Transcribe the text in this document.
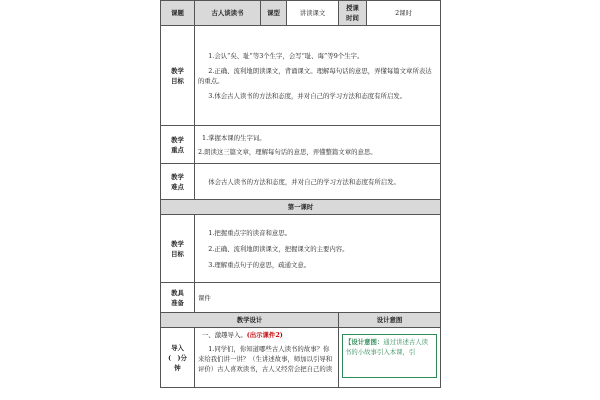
课题	古人谈读书	课型	讲读课文	授课
时间	2课时

教学
目标	1.会认“矣、耻”等3个生字，会写“耻、诲”等9个生字。
2.正确、流利地朗读课文，背诵课文。理解每句话的意思，弄懂每篇文章所表达的重点。
3.体会古人读书的方法和态度，并对自己的学习方法和态度有所启发。				

教学
重点	1.掌握本课的生字词。
2.朗读这三篇文章，理解每句话的意思，弄懂整篇文章的意思。				

教学
难点	体会古人读书的方法和态度，并对自己的学习方法和态度有所启发。				
第一课时					

教学
目标	1.把握重点字的读音和意思。
2.正确、流利地朗读课文，把握课文的主要内容。
3.理解重点句子的意思，疏通文意。				

教具
准备	课件				
教学设计				设计意图	

导入
(　)分
钟	一、激趣导入。(出示课件2)
1.同学们，你知道哪些古人读书的故事？你来给我们讲一讲？（生讲述故事，师加以引导和评价）古人喜欢读书，古人又经常会把自己的读			【设计意图：通过讲述古人读书的小故事引入本课，引	
